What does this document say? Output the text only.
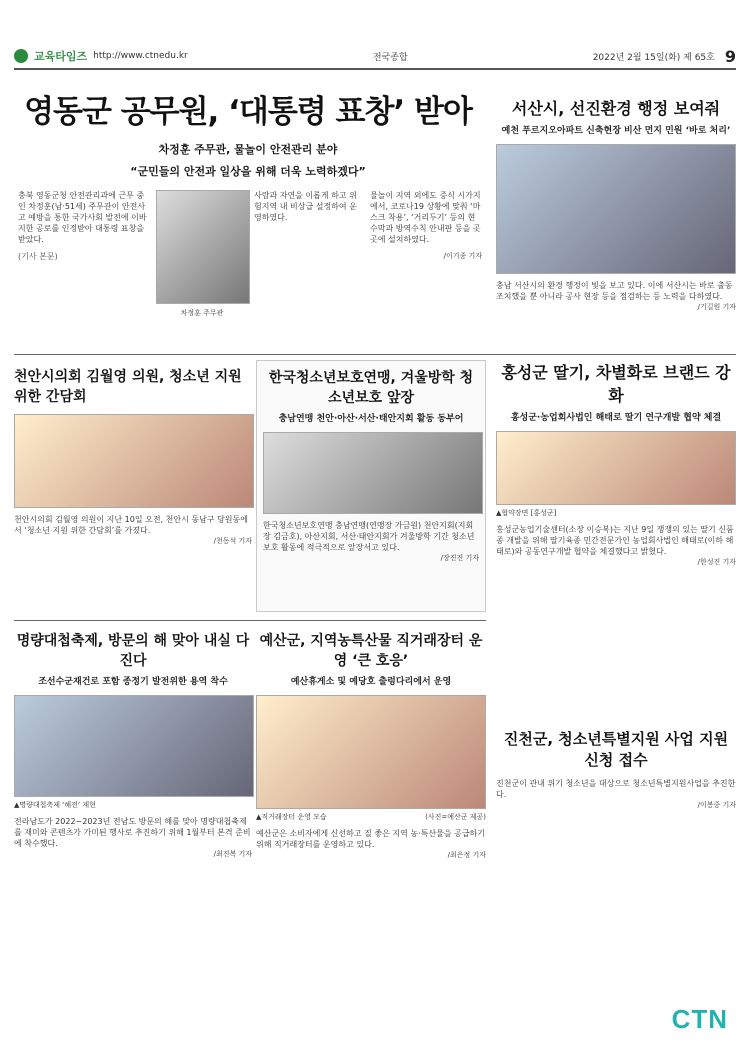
교육타임즈 http://www.ctnedu.kr	전국종합	2022년 2월 15일(화) 제 65호 9
영동군 공무원, ‘대통령 표창’ 받아
차정훈 주무관, 물놀이 안전관리 분야
“군민들의 안전과 일상을 위해 더욱 노력하겠다”

충북 영동군청 안전관리과에 근무 중인 차정훈(남·51세) 주무관이 안전사고 예방을 통한 국가사회 발전에 이바지한 공로를 인정받아 대통령 표창을 받았다.

(기사 본문)

차정훈 주무관

사람과 자연을 이롭게 하고 위험지역 내 비상급 설정하여 운영하였다.

물놀이 지역 외에도 증식 시가지에서, 코로나19 상황에 맞춰 ‘마스크 착용’, ‘거리두기’ 등의 현수막과 방역수칙 안내판 등을 곳곳에 설치하였다.

/이기종 기자
서산시, 선진환경 행정 보여줘
예천 푸르지오아파트 신축현장 비산 먼지 민원 ‘바로 처리’
충남 서산시의 환경 행정이 빛을 보고 있다. 이에 서산시는 바로 출동 조치했을 뿐 아니라 공사 현장 등을 점검하는 등 노력을 다하였다.
/기길원 기자
천안시의회 김월영 의원, 청소년 지원위한 간담회
천안시의회 김월영 의원이 지난 10일 오전, 천안시 동남구 당원동에서 ‘청소년 지원 위한 간담회’를 가졌다.
/천동석 기자
한국청소년보호연맹, 겨울방학 청소년보호 앞장
충남연맹 천안·아산·서산·태안지회 활동 동부어
한국청소년보호연맹 충남연맹(연맹장 가금원) 천안지회(지회장 김금호), 아산지회, 서산·태안지회가 겨울방학 기간 청소년 보호 활동에 적극적으로 앞장서고 있다.
/장진진 기자
홍성군 딸기, 차별화로 브랜드 강화
홍성군·농업회사법인 해태로 딸기 연구개발 협약 체결
▲협약장면 [홍성군]
홍성군농업기술센터(소장 이승복)는 지난 9일 쟁쟁의 있는 딸기 신품종 개발을 위해 딸기육종 민간전문가인 농업회사법인 해태로(이하 해태로)와 공동연구개발 협약을 체결했다고 밝혔다.
/한성진 기자
명량대첩축제, 방문의 해 맞아 내실 다진다
조선수군재건로 포함 종정기 발전위한 용역 착수
▲명량대첩축제 ‘해전’ 재현
전라남도가 2022~2023년 전남도 방문의 해를 맞아 명량대첩축제를 재미와 콘텐츠가 가미된 행사로 추진하기 위해 1월부터 본격 준비에 착수했다.
/최진복 기자
예산군, 지역농특산물 직거래장터 운영 ‘큰 호응’
예산휴게소 및 예당호 출렁다리에서 운영
▲직거래장터 운영 모습	(사진=예산군 제공)
예산군은 소비자에게 신선하고 질 좋은 지역 농·특산물을 공급하기 위해 직거래장터를 운영하고 있다.
/최은정 기자
진천군, 청소년특별지원 사업 지원 신청 접수
진천군이 관내 위기 청소년을 대상으로 청소년특별지원사업을 추진한다.
/이봉중 기자
CTN
